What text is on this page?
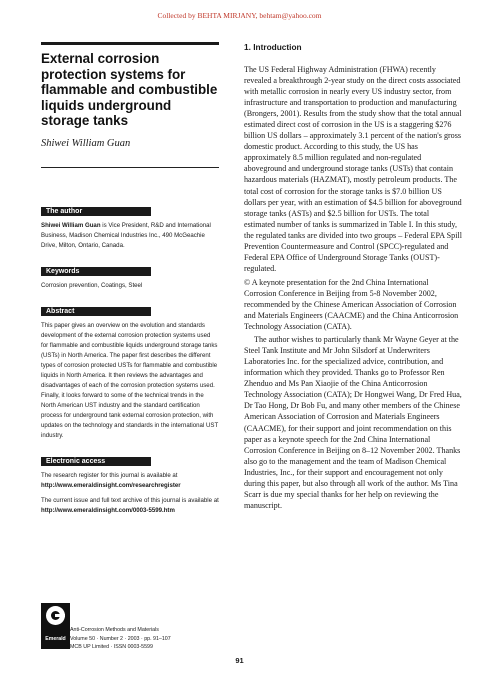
Collected by BEHTA MIRJANY, behtam@yahoo.com
External corrosion protection systems for flammable and combustible liquids underground storage tanks
Shiwei William Guan
The author

Shiwei William Guan is Vice President, R&D and International Business, Madison Chemical Industries Inc., 490 McGeachie Drive, Milton, Ontario, Canada.

Keywords

Corrosion prevention, Coatings, Steel

Abstract

This paper gives an overview on the evolution and standards development of the external corrosion protection systems used for flammable and combustible liquids underground storage tanks (USTs) in North America. The paper first describes the different types of corrosion protected USTs for flammable and combustible liquids in North America. It then reviews the advantages and disadvantages of each of the corrosion protection systems used. Finally, it looks forward to some of the technical trends in the North American UST industry and the standard certification process for underground tank external corrosion protection, with updates on the technology and standards in the international UST industry.

Electronic access

The research register for this journal is available at
http://www.emeraldinsight.com/researchregister

The current issue and full text archive of this journal is available at
http://www.emeraldinsight.com/0003-5599.htm

Emerald
Anti-Corrosion Methods and Materials
Volume 50 · Number 2 · 2003 · pp. 91–107
MCB UP Limited · ISSN 0003-5599
1. Introduction

The US Federal Highway Administration (FHWA) recently revealed a breakthrough 2-year study on the direct costs associated with metallic corrosion in nearly every US industry sector, from infrastructure and transportation to production and manufacturing (Brongers, 2001). Results from the study show that the total annual estimated direct cost of corrosion in the US is a staggering $276 billion US dollars – approximately 3.1 percent of the nation's gross domestic product. According to this study, the US has approximately 8.5 million regulated and non-regulated aboveground and underground storage tanks (USTs) that contain hazardous materials (HAZMAT), mostly petroleum products. The total cost of corrosion for the storage tanks is $7.0 billion US dollars per year, with an estimation of $4.5 billion for aboveground storage tanks (ASTs) and $2.5 billion for USTs. The total estimated number of tanks is summarized in Table I. In this study, the regulated tanks are divided into two groups – Federal EPA Spill Prevention Countermeasure and Control (SPCC)-regulated and Federal EPA Office of Underground Storage Tanks (OUST)-regulated.

© A keynote presentation for the 2nd China International Corrosion Conference in Beijing from 5-8 November 2002, recommended by the Chinese American Association of Corrosion and Materials Engineers (CAACME) and the China Anticorrosion Technology Association (CATA).

The author wishes to particularly thank Mr Wayne Geyer at the Steel Tank Institute and Mr John Silsdorf at Underwriters Laboratories Inc. for the specialized advice, contribution, and information which they provided. Thanks go to Professor Ren Zhenduo and Ms Pan Xiaojie of the China Anticorrosion Technology Association (CATA); Dr Hongwei Wang, Dr Fred Hua, Dr Tao Hong, Dr Bob Fu, and many other members of the Chinese American Association of Corrosion and Materials Engineers (CAACME), for their support and joint recommendation on this paper as a keynote speech for the 2nd China International Corrosion Conference in Beijing on 8–12 November 2002. Thanks also go to the management and the team of Madison Chemical Industries, Inc., for their support and encouragement not only during this paper, but also through all work of the author. Ms Tina Scarr is due my special thanks for her help on reviewing the manuscript.

91
